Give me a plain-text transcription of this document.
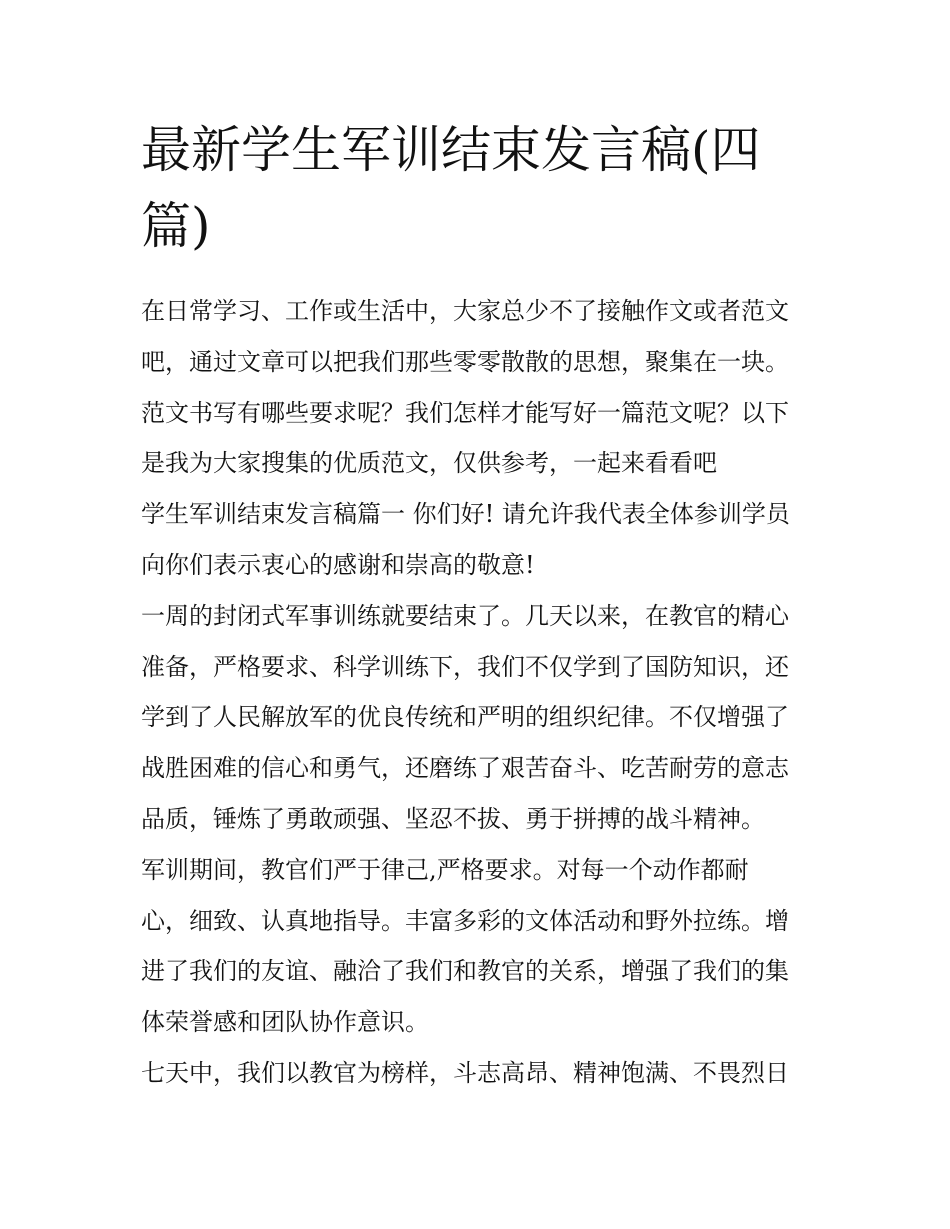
最新学生军训结束发言稿(四篇)
在日常学习、工作或生活中，大家总少不了接触作文或者范文
吧，通过文章可以把我们那些零零散散的思想，聚集在一块。
范文书写有哪些要求呢？我们怎样才能写好一篇范文呢？以下
是我为大家搜集的优质范文，仅供参考，一起来看看吧
学生军训结束发言稿篇一 你们好! 请允许我代表全体参训学员
向你们表示衷心的感谢和崇高的敬意!
一周的封闭式军事训练就要结束了。几天以来，在教官的精心
准备，严格要求、科学训练下，我们不仅学到了国防知识，还
学到了人民解放军的优良传统和严明的组织纪律。不仅增强了
战胜困难的信心和勇气，还磨练了艰苦奋斗、吃苦耐劳的意志
品质，锤炼了勇敢顽强、坚忍不拔、勇于拼搏的战斗精神。
军训期间，教官们严于律己,严格要求。对每一个动作都耐
心，细致、认真地指导。丰富多彩的文体活动和野外拉练。增
进了我们的友谊、融洽了我们和教官的关系，增强了我们的集
体荣誉感和团队协作意识。
七天中，我们以教官为榜样，斗志高昂、精神饱满、不畏烈日
